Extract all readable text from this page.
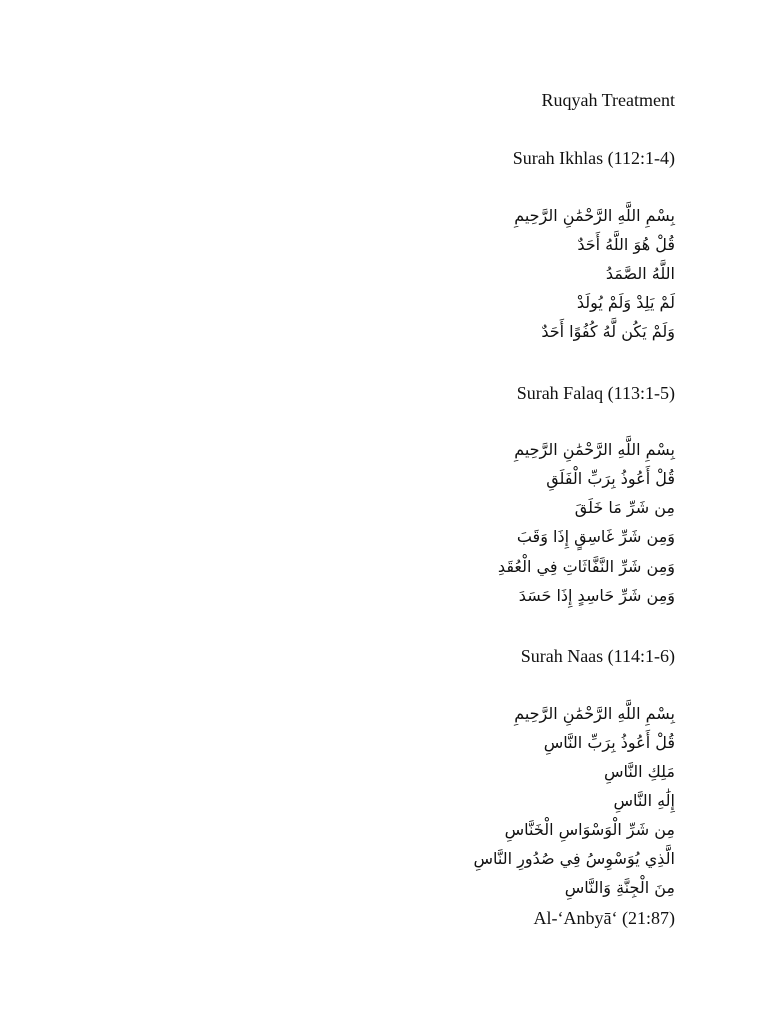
Ruqyah Treatment
Surah Ikhlas (112:1-4)
بِسْمِ اللَّهِ الرَّحْمَٰنِ الرَّحِيمِ
قُلْ هُوَ اللَّهُ أَحَدٌ
اللَّهُ الصَّمَدُ
لَمْ يَلِدْ وَلَمْ يُولَدْ
وَلَمْ يَكُن لَّهُ كُفُوًا أَحَدٌ
Surah Falaq (113:1-5)
بِسْمِ اللَّهِ الرَّحْمَٰنِ الرَّحِيمِ
قُلْ أَعُوذُ بِرَبِّ الْفَلَقِ
مِن شَرِّ مَا خَلَقَ
وَمِن شَرِّ غَاسِقٍ إِذَا وَقَبَ
وَمِن شَرِّ النَّفَّاثَاتِ فِي الْعُقَدِ
وَمِن شَرِّ حَاسِدٍ إِذَا حَسَدَ
Surah Naas (114:1-6)
بِسْمِ اللَّهِ الرَّحْمَٰنِ الرَّحِيمِ
قُلْ أَعُوذُ بِرَبِّ النَّاسِ
مَلِكِ النَّاسِ
إِلَٰهِ النَّاسِ
مِن شَرِّ الْوَسْوَاسِ الْخَنَّاسِ
الَّذِي يُوَسْوِسُ فِي صُدُورِ النَّاسِ
مِنَ الْجِنَّةِ وَالنَّاسِ
Al-‘Anbyā‘ (21:87)
